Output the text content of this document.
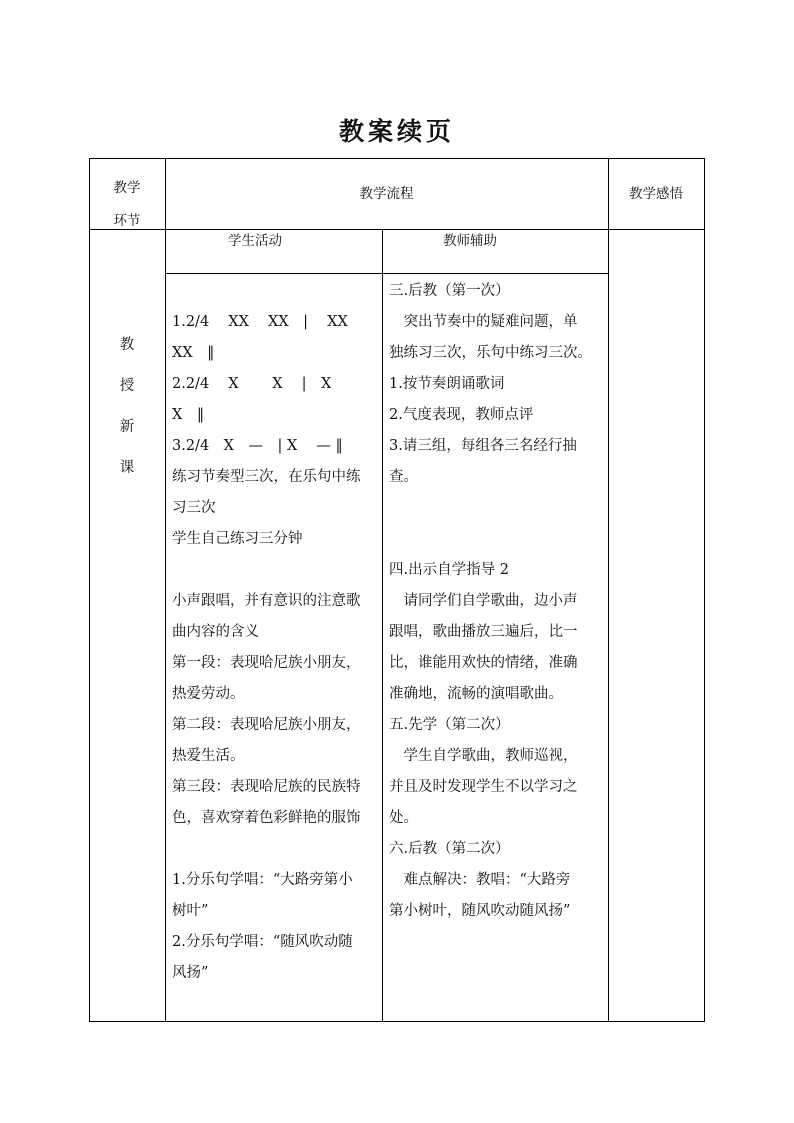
教案续页
教学
环节
教学流程	教学感悟
学生活动	教师辅助
教
授
新
课
1.2/4　 XX　 XX　|　 XX
XX　‖
2.2/4　 X　　 X　 |　X
X　‖
3.2/4　X　—　| X　 — ‖
练习节奏型三次，在乐句中练
习三次
学生自己练习三分钟
小声跟唱，并有意识的注意歌
曲内容的含义
第一段：表现哈尼族小朋友，
热爱劳动。
第二段：表现哈尼族小朋友，
热爱生活。
第三段：表现哈尼族的民族特
色，喜欢穿着色彩鲜艳的服饰
1.分乐句学唱：“大路旁第小
树叶”
2.分乐句学唱：“随风吹动随
风扬”
三.后教（第一次）
　突出节奏中的疑难问题，单
独练习三次，乐句中练习三次。
1.按节奏朗诵歌词
2.气度表现，教师点评
3.请三组，每组各三名经行抽
查。
四.出示自学指导 2
　请同学们自学歌曲，边小声
跟唱，歌曲播放三遍后，比一
比，谁能用欢快的情绪，准确
准确地，流畅的演唱歌曲。
五.先学（第二次）
　学生自学歌曲，教师巡视，
并且及时发现学生不以学习之
处。
六.后教（第二次）
　难点解决：教唱：“大路旁
第小树叶，随风吹动随风扬”
